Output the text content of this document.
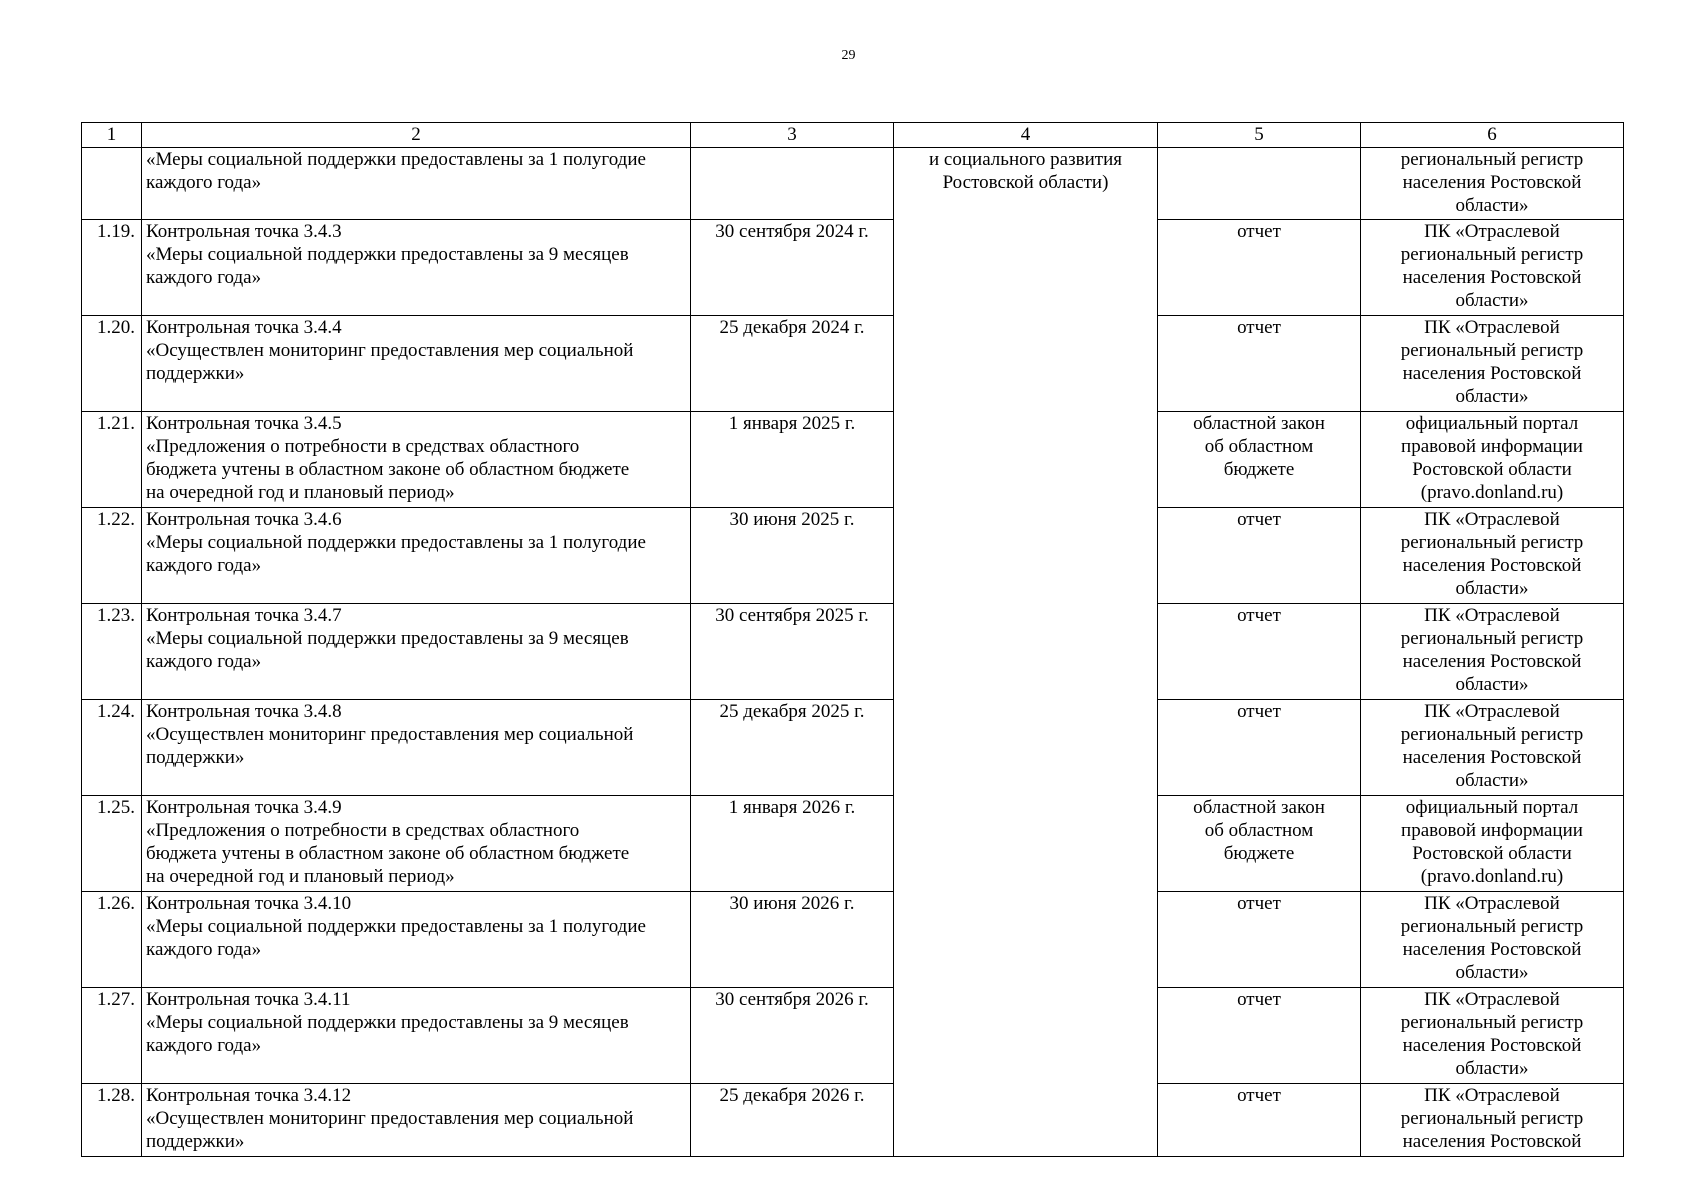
29
1	2	3	4	5	6

	«Меры социальной поддержки предоставлены за 1 полугодие
каждого года»		и социального развития
Ростовской области)		региональный регистр
населения Ростовской
области»

1.19.	Контрольная точка 3.4.3
«Меры социальной поддержки предоставлены за 9 месяцев
каждого года»	30 сентября 2024 г.		отчет	ПК «Отраслевой
региональный регистр
населения Ростовской
области»

1.20.	Контрольная точка 3.4.4
«Осуществлен мониторинг предоставления мер социальной
поддержки»	25 декабря 2024 г.		отчет	ПК «Отраслевой
региональный регистр
населения Ростовской
области»

1.21.	Контрольная точка 3.4.5
«Предложения о потребности в средствах областного
бюджета учтены в областном законе об областном бюджете
на очередной год и плановый период»	1 января 2025 г.		областной закон
об областном
бюджете	официальный портал
правовой информации
Ростовской области
(pravo.donland.ru)

1.22.	Контрольная точка 3.4.6
«Меры социальной поддержки предоставлены за 1 полугодие
каждого года»	30 июня 2025 г.		отчет	ПК «Отраслевой
региональный регистр
населения Ростовской
области»

1.23.	Контрольная точка 3.4.7
«Меры социальной поддержки предоставлены за 9 месяцев
каждого года»	30 сентября 2025 г.		отчет	ПК «Отраслевой
региональный регистр
населения Ростовской
области»

1.24.	Контрольная точка 3.4.8
«Осуществлен мониторинг предоставления мер социальной
поддержки»	25 декабря 2025 г.		отчет	ПК «Отраслевой
региональный регистр
населения Ростовской
области»

1.25.	Контрольная точка 3.4.9
«Предложения о потребности в средствах областного
бюджета учтены в областном законе об областном бюджете
на очередной год и плановый период»	1 января 2026 г.		областной закон
об областном
бюджете	официальный портал
правовой информации
Ростовской области
(pravo.donland.ru)

1.26.	Контрольная точка 3.4.10
«Меры социальной поддержки предоставлены за 1 полугодие
каждого года»	30 июня 2026 г.		отчет	ПК «Отраслевой
региональный регистр
населения Ростовской
области»

1.27.	Контрольная точка 3.4.11
«Меры социальной поддержки предоставлены за 9 месяцев
каждого года»	30 сентября 2026 г.		отчет	ПК «Отраслевой
региональный регистр
населения Ростовской
области»

1.28.	Контрольная точка 3.4.12
«Осуществлен мониторинг предоставления мер социальной
поддержки»	25 декабря 2026 г.		отчет	ПК «Отраслевой
региональный регистр
населения Ростовской
